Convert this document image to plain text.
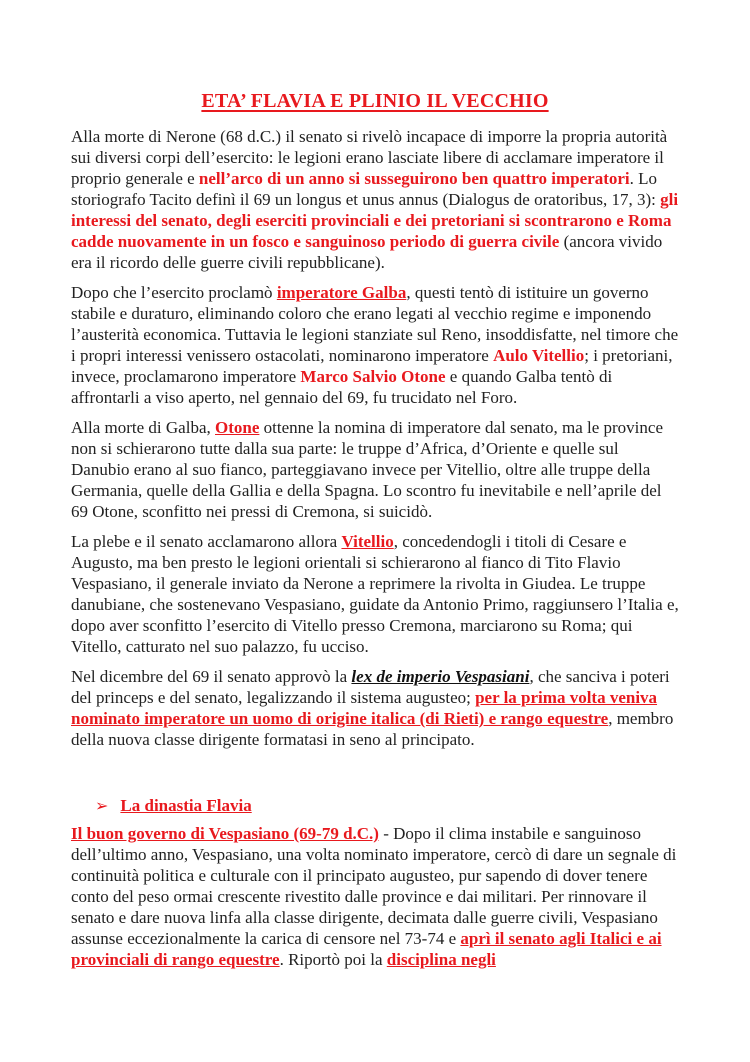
ETA’ FLAVIA E PLINIO IL VECCHIO

Alla morte di Nerone (68 d.C.) il senato si rivelò incapace di imporre la propria autorità sui diversi corpi dell’esercito: le legioni erano lasciate libere di acclamare imperatore il proprio generale e nell’arco di un anno si susseguirono ben quattro imperatori. Lo storiografo Tacito definì il 69 un longus et unus annus (Dialogus de oratoribus, 17, 3): gli interessi del senato, degli eserciti provinciali e dei pretoriani si scontrarono e Roma cadde nuovamente in un fosco e sanguinoso periodo di guerra civile (ancora vivido era il ricordo delle guerre civili repubblicane).

Dopo che l’esercito proclamò imperatore Galba, questi tentò di istituire un governo stabile e duraturo, eliminando coloro che erano legati al vecchio regime e imponendo l’austerità economica. Tuttavia le legioni stanziate sul Reno, insoddisfatte, nel timore che i propri interessi venissero ostacolati, nominarono imperatore Aulo Vitellio; i pretoriani, invece, proclamarono imperatore Marco Salvio Otone e quando Galba tentò di affrontarli a viso aperto, nel gennaio del 69, fu trucidato nel Foro.

Alla morte di Galba, Otone ottenne la nomina di imperatore dal senato, ma le province non si schierarono tutte dalla sua parte: le truppe d’Africa, d’Oriente e quelle sul Danubio erano al suo fianco, parteggiavano invece per Vitellio, oltre alle truppe della Germania, quelle della Gallia e della Spagna. Lo scontro fu inevitabile e nell’aprile del 69 Otone, sconfitto nei pressi di Cremona, si suicidò.

La plebe e il senato acclamarono allora Vitellio, concedendogli i titoli di Cesare e Augusto, ma ben presto le legioni orientali si schierarono al fianco di Tito Flavio Vespasiano, il generale inviato da Nerone a reprimere la rivolta in Giudea. Le truppe danubiane, che sostenevano Vespasiano, guidate da Antonio Primo, raggiunsero l’Italia e, dopo aver sconfitto l’esercito di Vitello presso Cremona, marciarono su Roma; qui Vitello, catturato nel suo palazzo, fu ucciso.

Nel dicembre del 69 il senato approvò la lex de imperio Vespasiani, che sanciva i poteri del princeps e del senato, legalizzando il sistema augusteo; per la prima volta veniva nominato imperatore un uomo di origine italica (di Rieti) e rango equestre, membro della nuova classe dirigente formatasi in seno al principato.

➢ La dinastia Flavia

Il buon governo di Vespasiano (69-79 d.C.) - Dopo il clima instabile e sanguinoso dell’ultimo anno, Vespasiano, una volta nominato imperatore, cercò di dare un segnale di continuità politica e culturale con il principato augusteo, pur sapendo di dover tenere conto del peso ormai crescente rivestito dalle province e dai militari. Per rinnovare il senato e dare nuova linfa alla classe dirigente, decimata dalle guerre civili, Vespasiano assunse eccezionalmente la carica di censore nel 73-74 e aprì il senato agli Italici e ai provinciali di rango equestre. Riportò poi la disciplina negli
